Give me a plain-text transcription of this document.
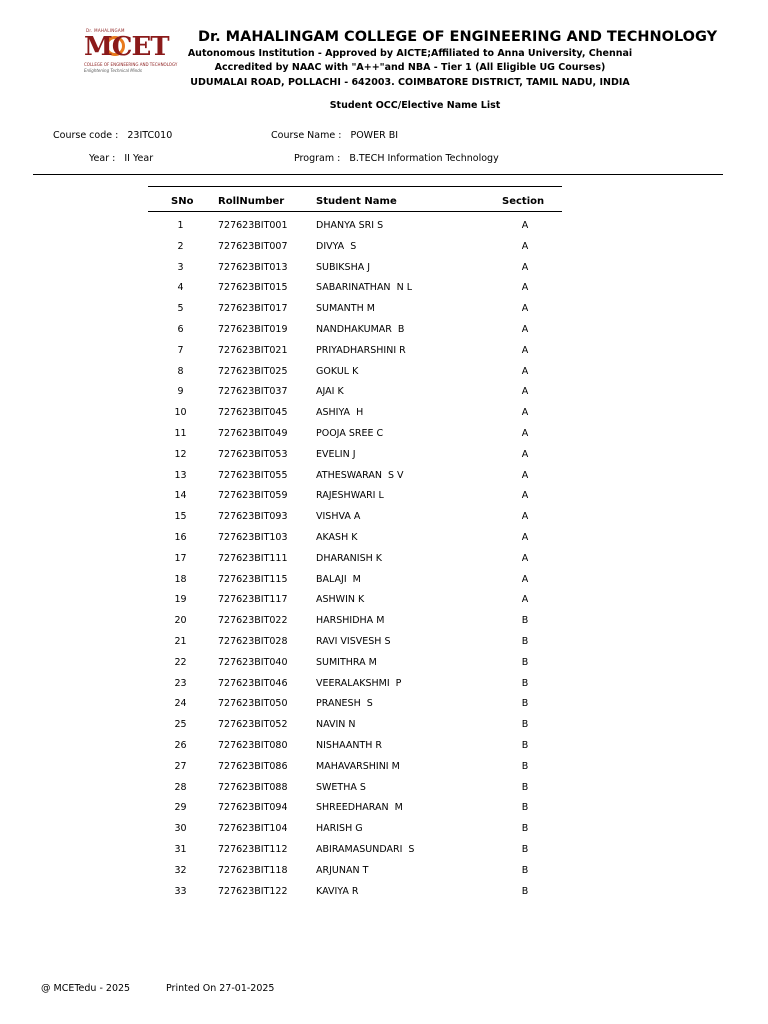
Dr. MAHALINGAM
MCET
COLLEGE OF ENGINEERING AND TECHNOLOGY
Enlightening Technical Minds
Dr. MAHALINGAM COLLEGE OF ENGINEERING AND TECHNOLOGY
Autonomous Institution - Approved by AICTE;Affiliated to Anna University, Chennai
Accredited by NAAC with "A++"and NBA - Tier 1 (All Eligible UG Courses)
UDUMALAI ROAD, POLLACHI - 642003. COIMBATORE DISTRICT, TAMIL NADU, INDIA
Student OCC/Elective Name List
Course code : 23ITC010	Course Name : POWER BI
Year : II Year	Program : B.TECH Information Technology
SNo RollNumber	Student Name	Section
1	727623BIT001	DHANYA SRI S	A
2	727623BIT007	DIVYA  S	A
3	727623BIT013	SUBIKSHA J	A
4	727623BIT015	SABARINATHAN  N L	A
5	727623BIT017	SUMANTH M	A
6	727623BIT019	NANDHAKUMAR  B	A
7	727623BIT021	PRIYADHARSHINI R	A
8	727623BIT025	GOKUL K	A
9	727623BIT037	AJAI K	A
10	727623BIT045	ASHIYA  H	A
11	727623BIT049	POOJA SREE C	A
12	727623BIT053	EVELIN J	A
13	727623BIT055	ATHESWARAN  S V	A
14	727623BIT059	RAJESHWARI L	A
15	727623BIT093	VISHVA A	A
16	727623BIT103	AKASH K	A
17	727623BIT111	DHARANISH K	A
18	727623BIT115	BALAJI  M	A
19	727623BIT117	ASHWIN K	A
20	727623BIT022	HARSHIDHA M	B
21	727623BIT028	RAVI VISVESH S	B
22	727623BIT040	SUMITHRA M	B
23	727623BIT046	VEERALAKSHMI  P	B
24	727623BIT050	PRANESH  S	B
25	727623BIT052	NAVIN N	B
26	727623BIT080	NISHAANTH R	B
27	727623BIT086	MAHAVARSHINI M	B
28	727623BIT088	SWETHA S	B
29	727623BIT094	SHREEDHARAN  M	B
30	727623BIT104	HARISH G	B
31	727623BIT112	ABIRAMASUNDARI  S	B
32	727623BIT118	ARJUNAN T	B
33	727623BIT122	KAVIYA R	B
@ MCETedu - 2025	Printed On 27-01-2025
